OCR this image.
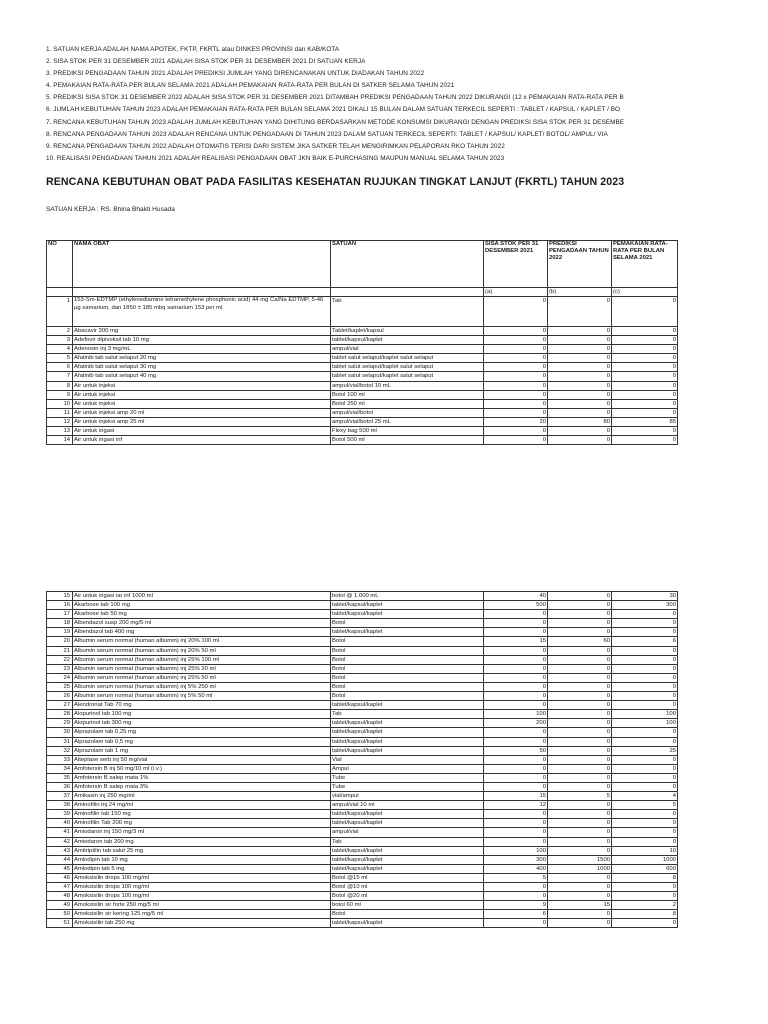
1. SATUAN KERJA ADALAH NAMA APOTEK, FKTP, FKRTL atau DINKES PROVINSI dan KAB/KOTA
2. SISA STOK PER 31 DESEMBER 2021 ADALAH SISA STOK PER 31 DESEMBER 2021 DI SATUAN KERJA
3. PREDIKSI PENGADAAN TAHUN 2021 ADALAH PREDIKSI JUMLAH YANG DIRENCANAKAN UNTUK DIADAKAN TAHUN 2022
4. PEMAKAIAN RATA-RATA PER BULAN SELAMA 2021 ADALAH PEMAKAIAN RATA-RATA PER BULAN DI SATKER SELAMA TAHUN 2021
5. PREDIKSI SISA STOK 31 DESEMBER 2022 ADALAH SISA STOK PER 31 DESEMBER 2021 DITAMBAH PREDIKSI PENGADAAN TAHUN 2022 DIKURANGI (12 x PEMAKAIAN RATA-RATA PER B
6. JUMLAH KEBUTUHAN TAHUN 2023 ADALAH PEMAKAIAN RATA-RATA PER BULAN SELAMA 2021 DIKALI 15 BULAN DALAM SATUAN TERKECIL SEPERTI : TABLET / KAPSUL / KAPLET / BO
7. RENCANA KEBUTUHAN TAHUN 2023 ADALAH JUMLAH KEBUTUHAN YANG DIHITUNG BERDASARKAN METODE KONSUMSI DIKURANGI DENGAN PREDIKSI SISA STOK PER 31 DESEMBE
8. RENCANA PENGADAAN TAHUN 2023 ADALAH RENCANA UNTUK PENGADAAN DI TAHUN 2023 DALAM SATUAN TERKECIL SEPERTI: TABLET / KAPSUL/ KAPLET/ BOTOL/ AMPUL/ VIA
9. RENCANA PENGADAAN TAHUN 2022 ADALAH OTOMATIS TERISI DARI SISTEM JIKA SATKER TELAH MENGIRIMKAN PELAPORAN RKO TAHUN 2022
10. REALISASI PENGADAAN TAHUN 2021 ADALAH REALISASI PENGADAAN OBAT JKN BAIK E-PURCHASING MAUPUN MANUAL SELAMA TAHUN 2023
RENCANA KEBUTUHAN OBAT PADA FASILITAS KESEHATAN RUJUKAN TINGKAT LANJUT (FKRTL) TAHUN 2023
SATUAN KERJA : RS. Bhina Bhakti Husada
NO	NAMA OBAT	SATUAN	SISA STOK PER 31 DESEMBER 2021	PREDIKSI PENGADAAN TAHUN 2022	PEMAKAIAN RATA-RATA PER BULAN SELAMA 2021
			(a)	(b)	(c)
1	153-Sm-EDTMP (ethylenediamine tetramethylene phosphonic acid) 44 mg Ca/Na EDTMP, 5-46 µg samarium, dan 1850 ± 185 mbq samarium 153 per ml	Tab	0	0	0
2	Abacavir 300 mg	Tablet/kaplet/kapsul	0	0	0
3	Adefovir dipivoksil tab 10 mg	tablet/kapsul/kaplet	0	0	0
4	Adenosin inj 3 mg/mL	ampul/vial	0	0	0
5	Afatinib tab salut selaput 20 mg	tablet salut selaput/kaplet salut selaput	0	0	0
6	Afatinib tab salut selaput 30 mg	tablet salut selaput/kaplet salut selaput	0	0	0
7	Afatinib tab salut selaput 40 mg	tablet salut selaput/kaplet salut selaput	0	0	0
8	Air untuk injeksi	ampul/vial/botol 10 mL	0	0	0
9	Air untuk injeksi	Botol 100 ml	0	0	0
10	Air untuk injeksi	Botol 250 ml	0	0	0
11	Air untuk injeksi amp 20 ml	ampul/vial/botol	0	0	0
12	Air untuk injeksi amp 25 ml	ampul/vial/botol 25 mL	20	80	85
13	Air untuk irigasi	Flexy bag 500 ml	0	0	0
14	Air untuk irigasi inf	Botol 500 ml	0	0	0
15	Air untuk irigasi iar inf 1000 ml	botol @ 1.000 mL	40	0	30
16	Akarbose tab 100 mg	tablet/kapsul/kaplet	500	0	300
17	Akarbose tab 50 mg	tablet/kapsul/kaplet	0	0	0
18	Albendazol susp 200 mg/5 ml	Botol	0	0	0
19	Albendazol tab 400 mg	tablet/kapsul/kaplet	0	0	0
20	Albumin serum normal (human albumin) inj 20% 100 ml	Botol	15	60	6
21	Albumin serum normal (human albumin) inj 20% 50 ml	Botol	0	0	0
22	Albumin serum normal (human albumin) inj 25% 100 ml	Botol	0	0	0
23	Albumin serum normal (human albumin) inj 25% 20 ml	Botol	0	0	0
24	Albumin serum normal (human albumin) inj 25% 50 ml	Botol	0	0	0
25	Albumin serum normal (human albumin) inj 5% 250 ml	Botol	0	0	0
26	Albumin serum normal (human albumin) inj 5% 50 ml	Botol	0	0	0
27	Alendronat Tab 70 mg	tablet/kapsul/kaplet	0	0	0
28	Alopurinol tab 100 mg	Tab	100	0	100
29	Alopurinol tab 300 mg	tablet/kapsul/kaplet	200	0	100
30	Alprazolam tab 0,25 mg	tablet/kapsul/kaplet	0	0	0
31	Alprazolam tab 0,5 mg	tablet/kapsul/kaplet	0	0	0
32	Alprazolam tab 1 mg	tablet/kapsul/kaplet	50	0	25
33	Alteplase serb inj 50 mg/vial	Vial	0	0	0
34	Amfotersin B inj 50 mg/10 ml (i.v.)	Ampul	0	0	0
35	Amfotersin B salep mata 1%	Tube	0	0	0
36	Amfotersin B salep mata 3%	Tube	0	0	0
37	Amikasin inj 250 mg/ml	vial/ampul	15	5	4
38	Aminofilin inj 24 mg/ml	ampul/vial 10 ml	12	0	5
39	Aminofilin tab 150 mg	tablet/kapsul/kaplet	0	0	0
40	Aminofilin Tab 200 mg	tablet/kapsul/kaplet	0	0	0
41	Amiodaron inj 150 mg/3 ml	ampul/vial	0	0	0
42	Amiodaron tab 200 mg	Tab	0	0	0
43	Amitriptilin tab salut 25 mg	tablet/kapsul/kaplet	100	0	10
44	Amlodipin tab 10 mg	tablet/kapsul/kaplet	300	1500	1000
45	Amlodipin tab 5 mg	tablet/kapsul/kaplet	400	1000	600
46	Amoksisilin drops 100 mg/ml	Botol @15 ml	5	0	8
47	Amoksisilin drops 100 mg/ml	Botol @10 ml	0	0	0
48	Amoksisilin drops 100 mg/ml	Botol @20 ml	0	0	0
49	Amoksisilin sir forte 250 mg/5 ml	botol 60 ml	9	15	2
50	Amoksisilin sir kering 125 mg/5 ml	Botol	6	0	8
51	Amoksisilin tab 250 mg	tablet/kapsul/kaplet	0	0	0
